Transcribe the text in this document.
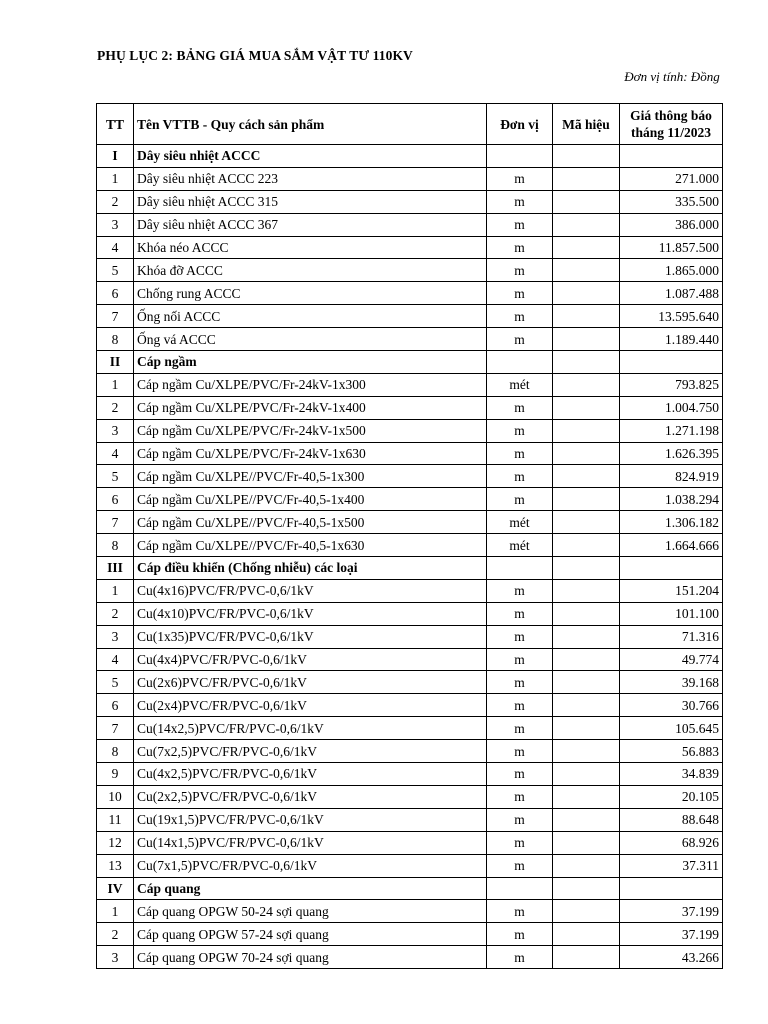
PHỤ LỤC 2: BẢNG GIÁ MUA SẮM VẬT TƯ 110KV
Đơn vị tính: Đồng
TT	Tên VTTB - Quy cách sản phẩm	Đơn vị	Mã hiệu	Giá thông báo
tháng 11/2023

I	Dây siêu nhiệt ACCC			
1	Dây siêu nhiệt ACCC 223	m		271.000
2	Dây siêu nhiệt ACCC 315	m		335.500
3	Dây siêu nhiệt ACCC 367	m		386.000
4	Khóa néo ACCC	m		11.857.500
5	Khóa đỡ ACCC	m		1.865.000
6	Chống rung ACCC	m		1.087.488
7	Ống nối ACCC	m		13.595.640
8	Ống vá ACCC	m		1.189.440
II	Cáp ngầm			
1	Cáp ngầm Cu/XLPE/PVC/Fr-24kV-1x300	mét		793.825
2	Cáp ngầm Cu/XLPE/PVC/Fr-24kV-1x400	m		1.004.750
3	Cáp ngầm Cu/XLPE/PVC/Fr-24kV-1x500	m		1.271.198
4	Cáp ngầm Cu/XLPE/PVC/Fr-24kV-1x630	m		1.626.395
5	Cáp ngầm Cu/XLPE//PVC/Fr-40,5-1x300	m		824.919
6	Cáp ngầm Cu/XLPE//PVC/Fr-40,5-1x400	m		1.038.294
7	Cáp ngầm Cu/XLPE//PVC/Fr-40,5-1x500	mét		1.306.182
8	Cáp ngầm Cu/XLPE//PVC/Fr-40,5-1x630	mét		1.664.666
III	Cáp điều khiển (Chống nhiễu) các loại			
1	Cu(4x16)PVC/FR/PVC-0,6/1kV	m		151.204
2	Cu(4x10)PVC/FR/PVC-0,6/1kV	m		101.100
3	Cu(1x35)PVC/FR/PVC-0,6/1kV	m		71.316
4	Cu(4x4)PVC/FR/PVC-0,6/1kV	m		49.774
5	Cu(2x6)PVC/FR/PVC-0,6/1kV	m		39.168
6	Cu(2x4)PVC/FR/PVC-0,6/1kV	m		30.766
7	Cu(14x2,5)PVC/FR/PVC-0,6/1kV	m		105.645
8	Cu(7x2,5)PVC/FR/PVC-0,6/1kV	m		56.883
9	Cu(4x2,5)PVC/FR/PVC-0,6/1kV	m		34.839
10	Cu(2x2,5)PVC/FR/PVC-0,6/1kV	m		20.105
11	Cu(19x1,5)PVC/FR/PVC-0,6/1kV	m		88.648
12	Cu(14x1,5)PVC/FR/PVC-0,6/1kV	m		68.926
13	Cu(7x1,5)PVC/FR/PVC-0,6/1kV	m		37.311
IV	Cáp quang			
1	Cáp quang OPGW 50-24 sợi quang	m		37.199
2	Cáp quang OPGW 57-24 sợi quang	m		37.199
3	Cáp quang OPGW 70-24 sợi quang	m		43.266
